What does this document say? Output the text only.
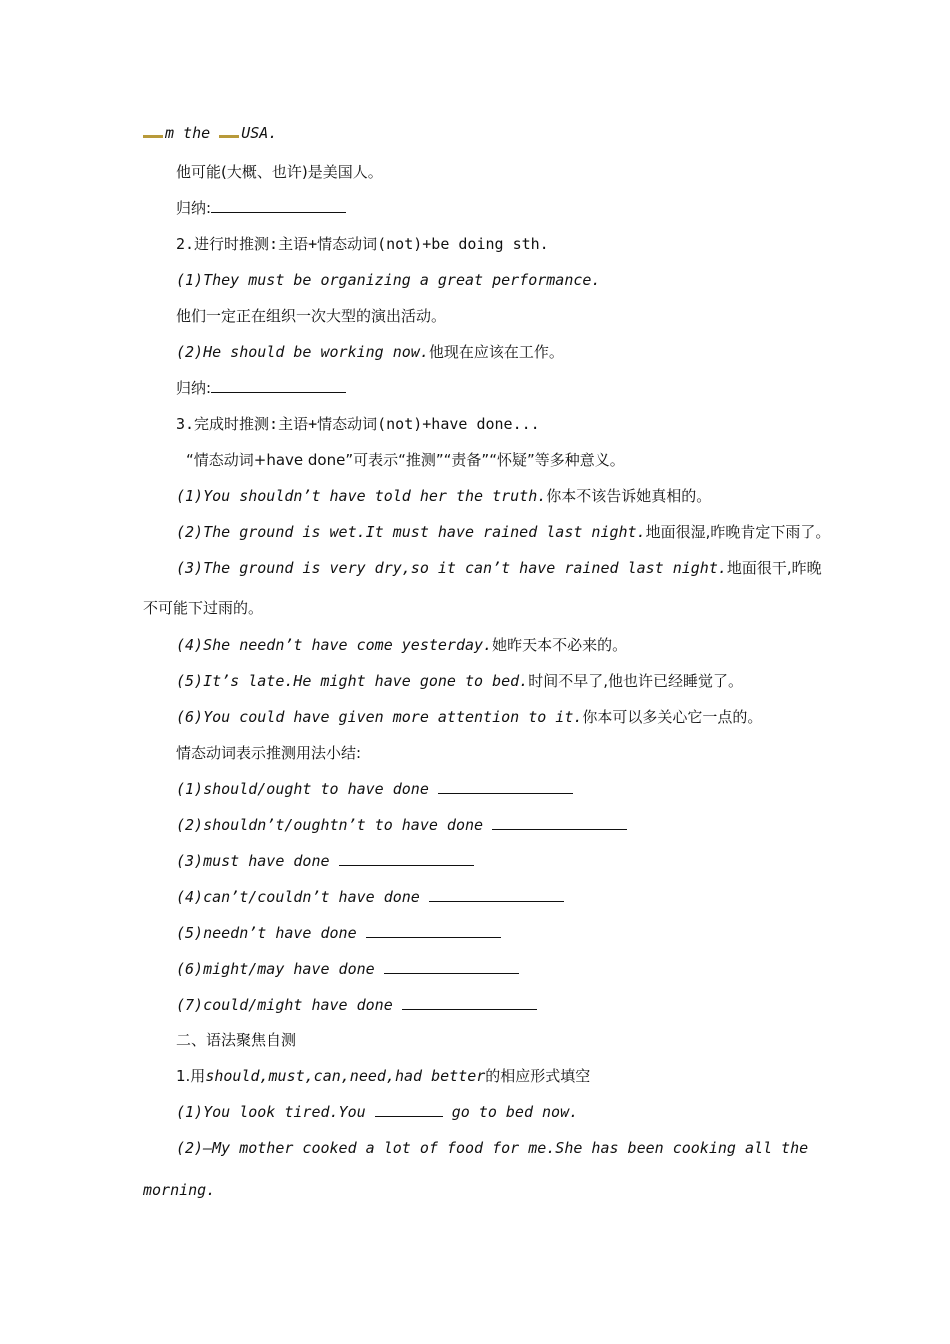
m the USA.
他可能(大概、也许)是美国人。
归纳:
2.进行时推测:主语+情态动词(not)+be doing sth.
(1)They must be organizing a great performance.
他们一定正在组织一次大型的演出活动。
(2)He should be working now.他现在应该在工作。
归纳:
3.完成时推测:主语+情态动词(not)+have done...
“情态动词+have done”可表示“推测”“责备”“怀疑”等多种意义。
(1)You shouldn’t have told her the truth.你本不该告诉她真相的。
(2)The ground is wet.It must have rained last night.地面很湿,昨晚肯定下雨了。
(3)The ground is very dry,so it can’t have rained last night.地面很干,昨晚
不可能下过雨的。
(4)She needn’t have come yesterday.她昨天本不必来的。
(5)It’s late.He might have gone to bed.时间不早了,他也许已经睡觉了。
(6)You could have given more attention to it.你本可以多关心它一点的。
情态动词表示推测用法小结:
(1)should/ought to have done
(2)shouldn’t/oughtn’t to have done
(3)must have done
(4)can’t/couldn’t have done
(5)needn’t have done
(6)might/may have done
(7)could/might have done
二、语法聚焦自测
1.用should,must,can,need,had better的相应形式填空
(1)You look tired.You	go to bed now.
(2)—My mother cooked a lot of food for me.She has been cooking all the
morning.
